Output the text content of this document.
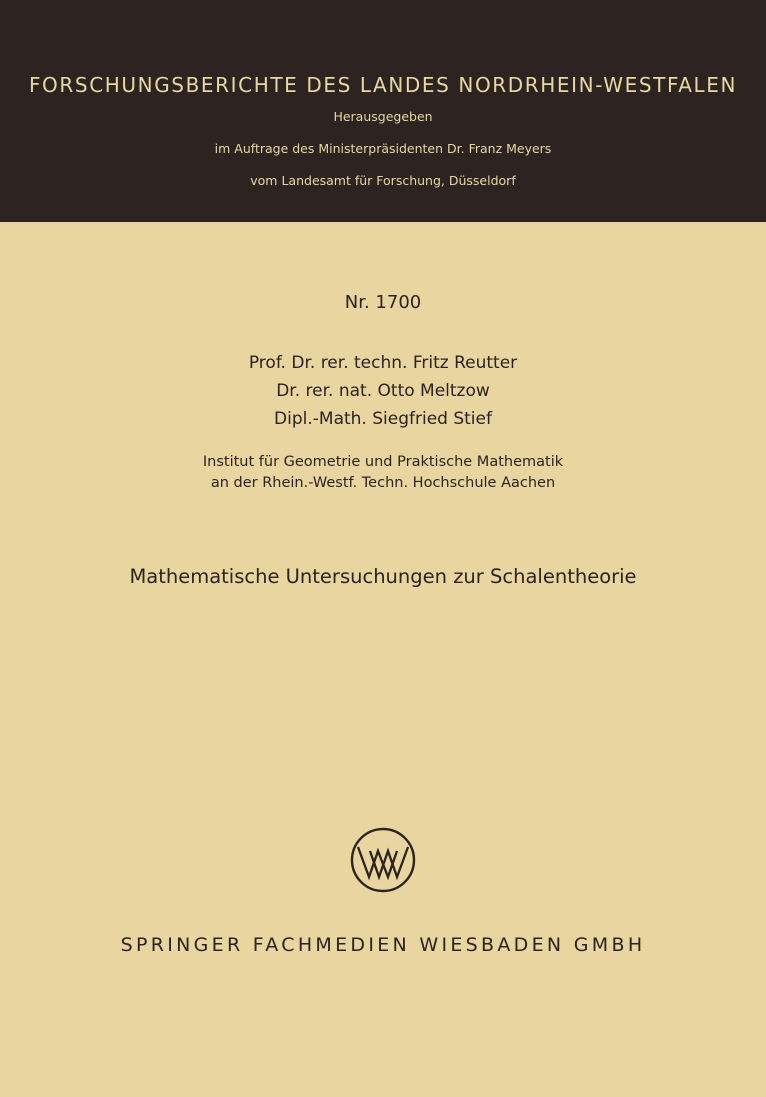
FORSCHUNGSBERICHTE DES LANDES NORDRHEIN-WESTFALEN
Herausgegeben
im Auftrage des Ministerpräsidenten Dr. Franz Meyers
vom Landesamt für Forschung, Düsseldorf
Nr. 1700
Prof. Dr. rer. techn. Fritz Reutter
Dr. rer. nat. Otto Meltzow
Dipl.-Math. Siegfried Stief
Institut für Geometrie und Praktische Mathematik
an der Rhein.-Westf. Techn. Hochschule Aachen
Mathematische Untersuchungen zur Schalentheorie
SPRINGER FACHMEDIEN WIESBADEN GMBH
